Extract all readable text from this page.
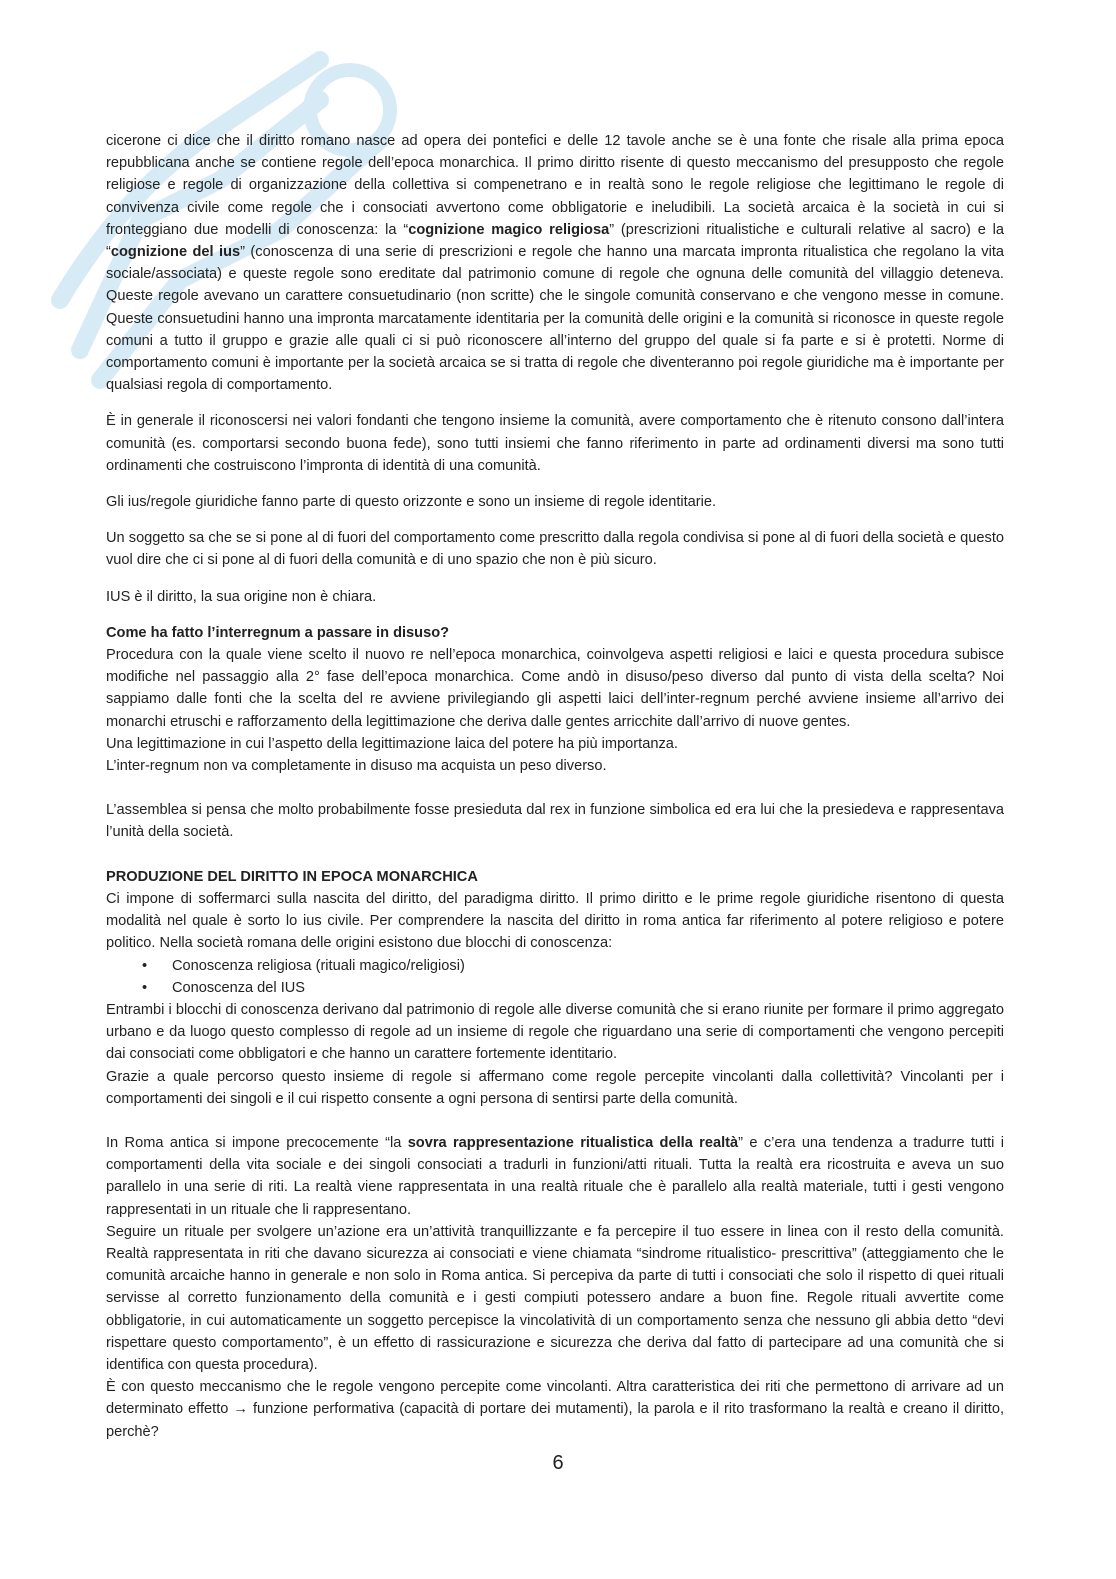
cicerone ci dice che il diritto romano nasce ad opera dei pontefici e delle 12 tavole anche se è una fonte che risale alla prima epoca repubblicana anche se contiene regole dell’epoca monarchica. Il primo diritto risente di questo meccanismo del presupposto che regole religiose e regole di organizzazione della collettiva si compenetrano e in realtà sono le regole religiose che legittimano le regole di convivenza civile come regole che i consociati avvertono come obbligatorie e ineludibili. La società arcaica è la società in cui si fronteggiano due modelli di conoscenza: la “cognizione magico religiosa” (prescrizioni ritualistiche e culturali relative al sacro) e la “cognizione del ius” (conoscenza di una serie di prescrizioni e regole che hanno una marcata impronta ritualistica che regolano la vita sociale/associata) e queste regole sono ereditate dal patrimonio comune di regole che ognuna delle comunità del villaggio deteneva. Queste regole avevano un carattere consuetudinario (non scritte) che le singole comunità conservano e che vengono messe in comune. Queste consuetudini hanno una impronta marcatamente identitaria per la comunità delle origini e la comunità si riconosce in queste regole comuni a tutto il gruppo e grazie alle quali ci si può riconoscere all’interno del gruppo del quale si fa parte e si è protetti. Norme di comportamento comuni è importante per la società arcaica se si tratta di regole che diventeranno poi regole giuridiche ma è importante per qualsiasi regola di comportamento.

È in generale il riconoscersi nei valori fondanti che tengono insieme la comunità, avere comportamento che è ritenuto consono dall’intera comunità (es. comportarsi secondo buona fede), sono tutti insiemi che fanno riferimento in parte ad ordinamenti diversi ma sono tutti ordinamenti che costruiscono l’impronta di identità di una comunità.

Gli ius/regole giuridiche fanno parte di questo orizzonte e sono un insieme di regole identitarie.

Un soggetto sa che se si pone al di fuori del comportamento come prescritto dalla regola condivisa si pone al di fuori della società e questo vuol dire che ci si pone al di fuori della comunità e di uno spazio che non è più sicuro.

IUS è il diritto, la sua origine non è chiara.

Come ha fatto l’interregnum a passare in disuso?

Procedura con la quale viene scelto il nuovo re nell’epoca monarchica, coinvolgeva aspetti religiosi e laici e questa procedura subisce modifiche nel passaggio alla 2° fase dell’epoca monarchica. Come andò in disuso/peso diverso dal punto di vista della scelta? Noi sappiamo dalle fonti che la scelta del re avviene privilegiando gli aspetti laici dell’inter-regnum perché avviene insieme all’arrivo dei monarchi etruschi e rafforzamento della legittimazione che deriva dalle gentes arricchite dall’arrivo di nuove gentes.

Una legittimazione in cui l’aspetto della legittimazione laica del potere ha più importanza.

L’inter-regnum non va completamente in disuso ma acquista un peso diverso.

L’assemblea si pensa che molto probabilmente fosse presieduta dal rex in funzione simbolica ed era lui che la presiedeva e rappresentava l’unità della società.

PRODUZIONE DEL DIRITTO IN EPOCA MONARCHICA

Ci impone di soffermarci sulla nascita del diritto, del paradigma diritto. Il primo diritto e le prime regole giuridiche risentono di questa modalità nel quale è sorto lo ius civile. Per comprendere la nascita del diritto in roma antica far riferimento al potere religioso e potere politico. Nella società romana delle origini esistono due blocchi di conoscenza:

• Conoscenza religiosa (rituali magico/religiosi)
• Conoscenza del IUS

Entrambi i blocchi di conoscenza derivano dal patrimonio di regole alle diverse comunità che si erano riunite per formare il primo aggregato urbano e da luogo questo complesso di regole ad un insieme di regole che riguardano una serie di comportamenti che vengono percepiti dai consociati come obbligatori e che hanno un carattere fortemente identitario.

Grazie a quale percorso questo insieme di regole si affermano come regole percepite vincolanti dalla collettività? Vincolanti per i comportamenti dei singoli e il cui rispetto consente a ogni persona di sentirsi parte della comunità.

In Roma antica si impone precocemente “la sovra rappresentazione ritualistica della realtà” e c’era una tendenza a tradurre tutti i comportamenti della vita sociale e dei singoli consociati a tradurli in funzioni/atti rituali. Tutta la realtà era ricostruita e aveva un suo parallelo in una serie di riti. La realtà viene rappresentata in una realtà rituale che è parallelo alla realtà materiale, tutti i gesti vengono rappresentati in un rituale che li rappresentano.

Seguire un rituale per svolgere un’azione era un’attività tranquillizzante e fa percepire il tuo essere in linea con il resto della comunità. Realtà rappresentata in riti che davano sicurezza ai consociati e viene chiamata “sindrome ritualistico- prescrittiva” (atteggiamento che le comunità arcaiche hanno in generale e non solo in Roma antica. Si percepiva da parte di tutti i consociati che solo il rispetto di quei rituali servisse al corretto funzionamento della comunità e i gesti compiuti potessero andare a buon fine. Regole rituali avvertite come obbligatorie, in cui automaticamente un soggetto percepisce la vincolatività di un comportamento senza che nessuno gli abbia detto “devi rispettare questo comportamento”, è un effetto di rassicurazione e sicurezza che deriva dal fatto di partecipare ad una comunità che si identifica con questa procedura).

È con questo meccanismo che le regole vengono percepite come vincolanti. Altra caratteristica dei riti che permettono di arrivare ad un determinato effetto → funzione performativa (capacità di portare dei mutamenti), la parola e il rito trasformano la realtà e creano il diritto, perchè?

6
